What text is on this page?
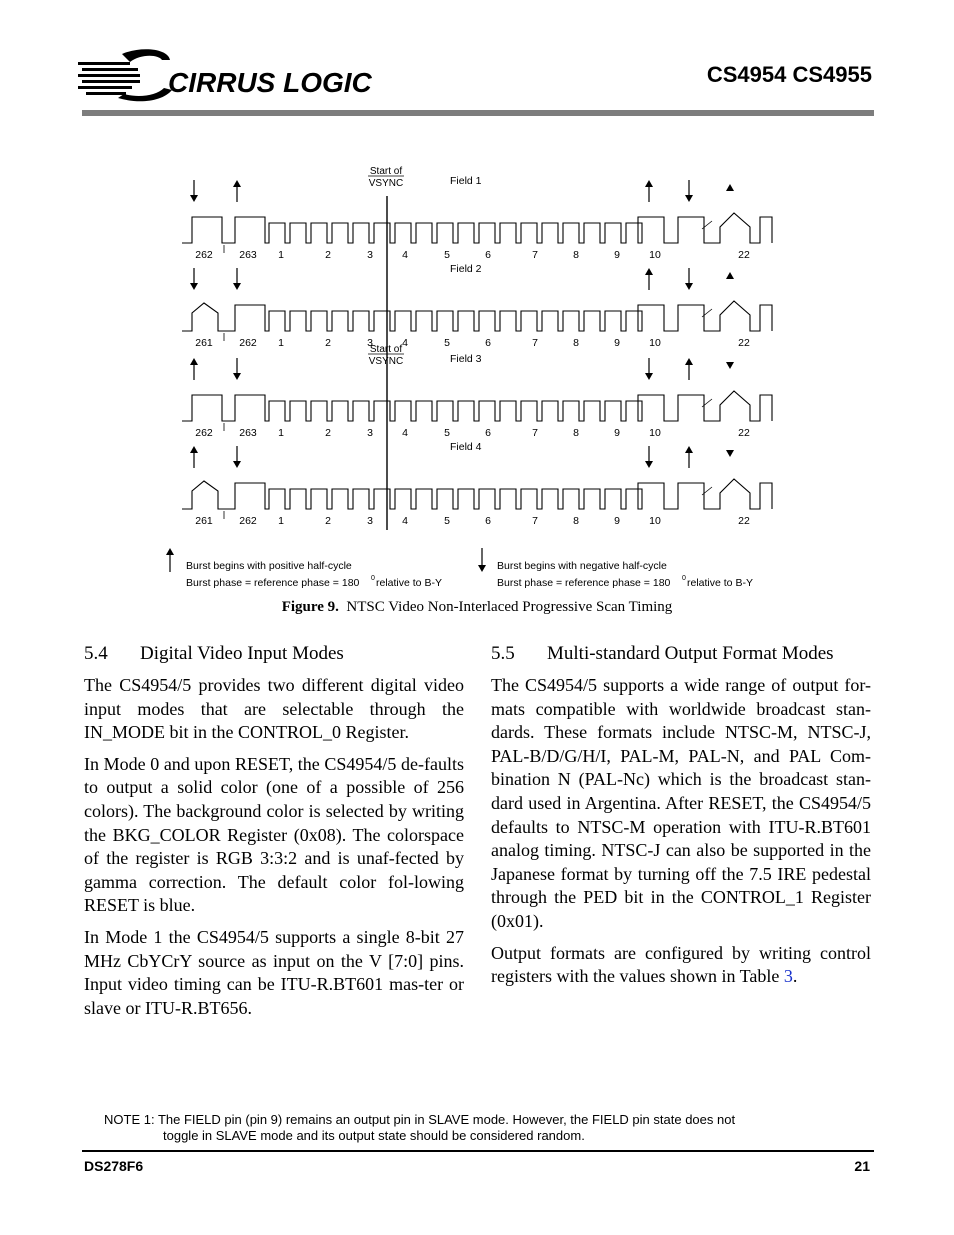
CIRRUS LOGIC	CS4954 CS4955
262	263 1	2	3	4	5	6	7	8	9	10	22
Field 1
Start of
VSYNC
261	262 1	2	3	4	5	6	7	8	9	10	22
Field 2
262	263 1	2	3	4	5	6	7	8	9	10	22
Field 3
Start of
VSYNC
261	262 1	2	3	4	5	6	7	8	9	10	22
Field 4
Burst begins with positive half-cycle
Burst phase = reference phase = 180 0 relative to B-Y
Burst begins with negative half-cycle
Burst phase = reference phase = 180 0 relative to B-Y
Figure 9. NTSC Video Non-Interlaced Progressive Scan Timing
5.4 Digital Video Input Modes

The CS4954/5 provides two different digital video input modes that are selectable through the IN_MODE bit in the CONTROL_0 Register.

In Mode 0 and upon RESET, the CS4954/5 de-faults to output a solid color (one of a possible of 256 colors). The background color is selected by writing the BKG_COLOR Register (0x08). The colorspace of the register is RGB 3:3:2 and is unaf-fected by gamma correction. The default color fol-lowing RESET is blue.

In Mode 1 the CS4954/5 supports a single 8-bit 27 MHz CbYCrY source as input on the V [7:0] pins. Input video timing can be ITU-R.BT601 mas-ter or slave or ITU-R.BT656.

5.5 Multi-standard Output Format Modes

The CS4954/5 supports a wide range of output for-mats compatible with worldwide broadcast stan-dards. These formats include NTSC-M, NTSC-J, PAL-B/D/G/H/I, PAL-M, PAL-N, and PAL Com-bination N (PAL-Nc) which is the broadcast stan-dard used in Argentina. After RESET, the CS4954/5 defaults to NTSC-M operation with ITU-R.BT601 analog timing. NTSC-J can also be supported in the Japanese format by turning off the 7.5 IRE pedestal through the PED bit in the CONTROL_1 Register (0x01).

Output formats are configured by writing control registers with the values shown in Table 3.

NOTE 1: The FIELD pin (pin 9) remains an output pin in SLAVE mode. However, the FIELD pin state does not
toggle in SLAVE mode and its output state should be considered random.
DS278F6	21
